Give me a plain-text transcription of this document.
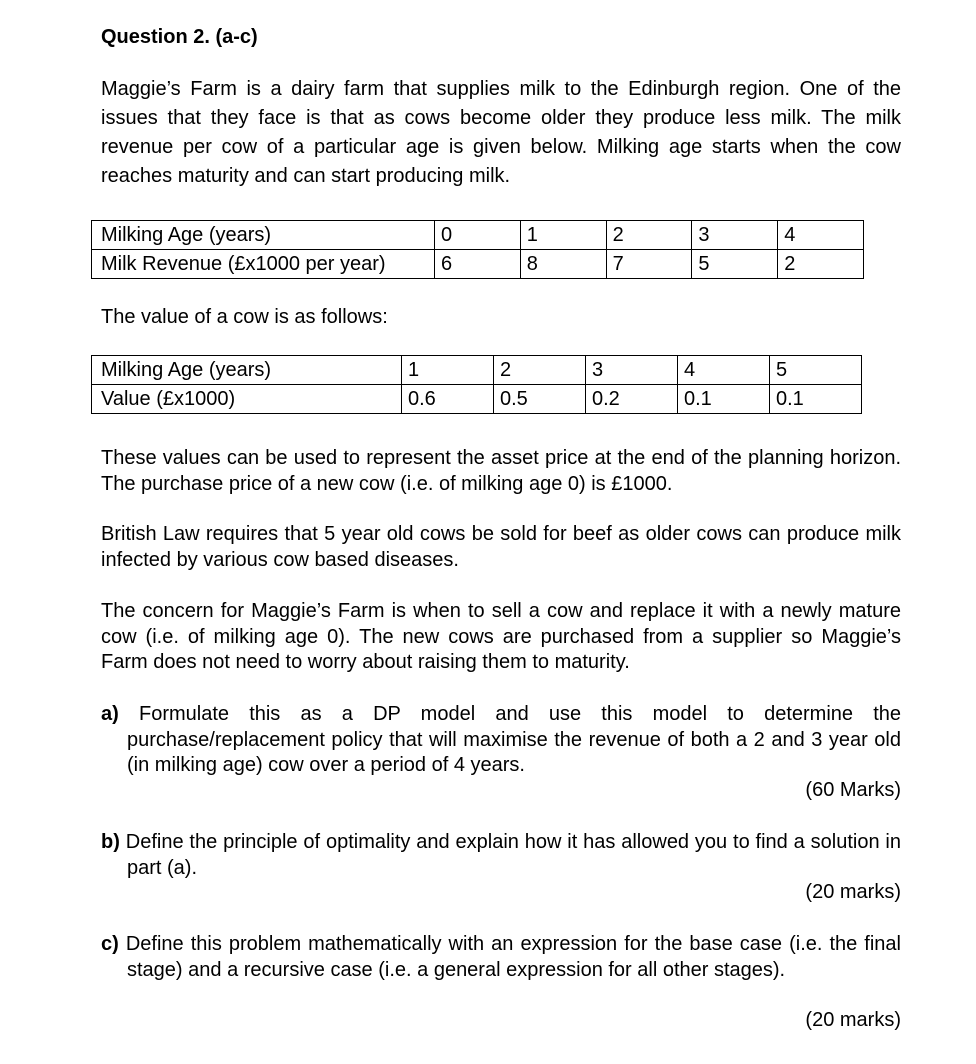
Question 2. (a-c)
Maggie’s Farm is a dairy farm that supplies milk to the Edinburgh region. One of the issues that they face is that as cows become older they produce less milk. The milk revenue per cow of a particular age is given below. Milking age starts when the cow reaches maturity and can start producing milk.
Milking Age (years)	0	1	2	3	4
Milk Revenue (£x1000 per year)	6	8	7	5	2
The value of a cow is as follows:
Milking Age (years)	1	2	3	4	5
Value (£x1000)	0.6	0.5	0.2	0.1	0.1
These values can be used to represent the asset price at the end of the planning horizon. The purchase price of a new cow (i.e. of milking age 0) is £1000.
British Law requires that 5 year old cows be sold for beef as older cows can produce milk infected by various cow based diseases.
The concern for Maggie’s Farm is when to sell a cow and replace it with a newly mature cow (i.e. of milking age 0). The new cows are purchased from a supplier so Maggie’s Farm does not need to worry about raising them to maturity.
a) Formulate this as a DP model and use this model to determine the purchase/replacement policy that will maximise the revenue of both a 2 and 3 year old (in milking age) cow over a period of 4 years.
(60 Marks)
b) Define the principle of optimality and explain how it has allowed you to find a solution in part (a).
(20 marks)
c) Define this problem mathematically with an expression for the base case (i.e. the final stage) and a recursive case (i.e. a general expression for all other stages).
(20 marks)
